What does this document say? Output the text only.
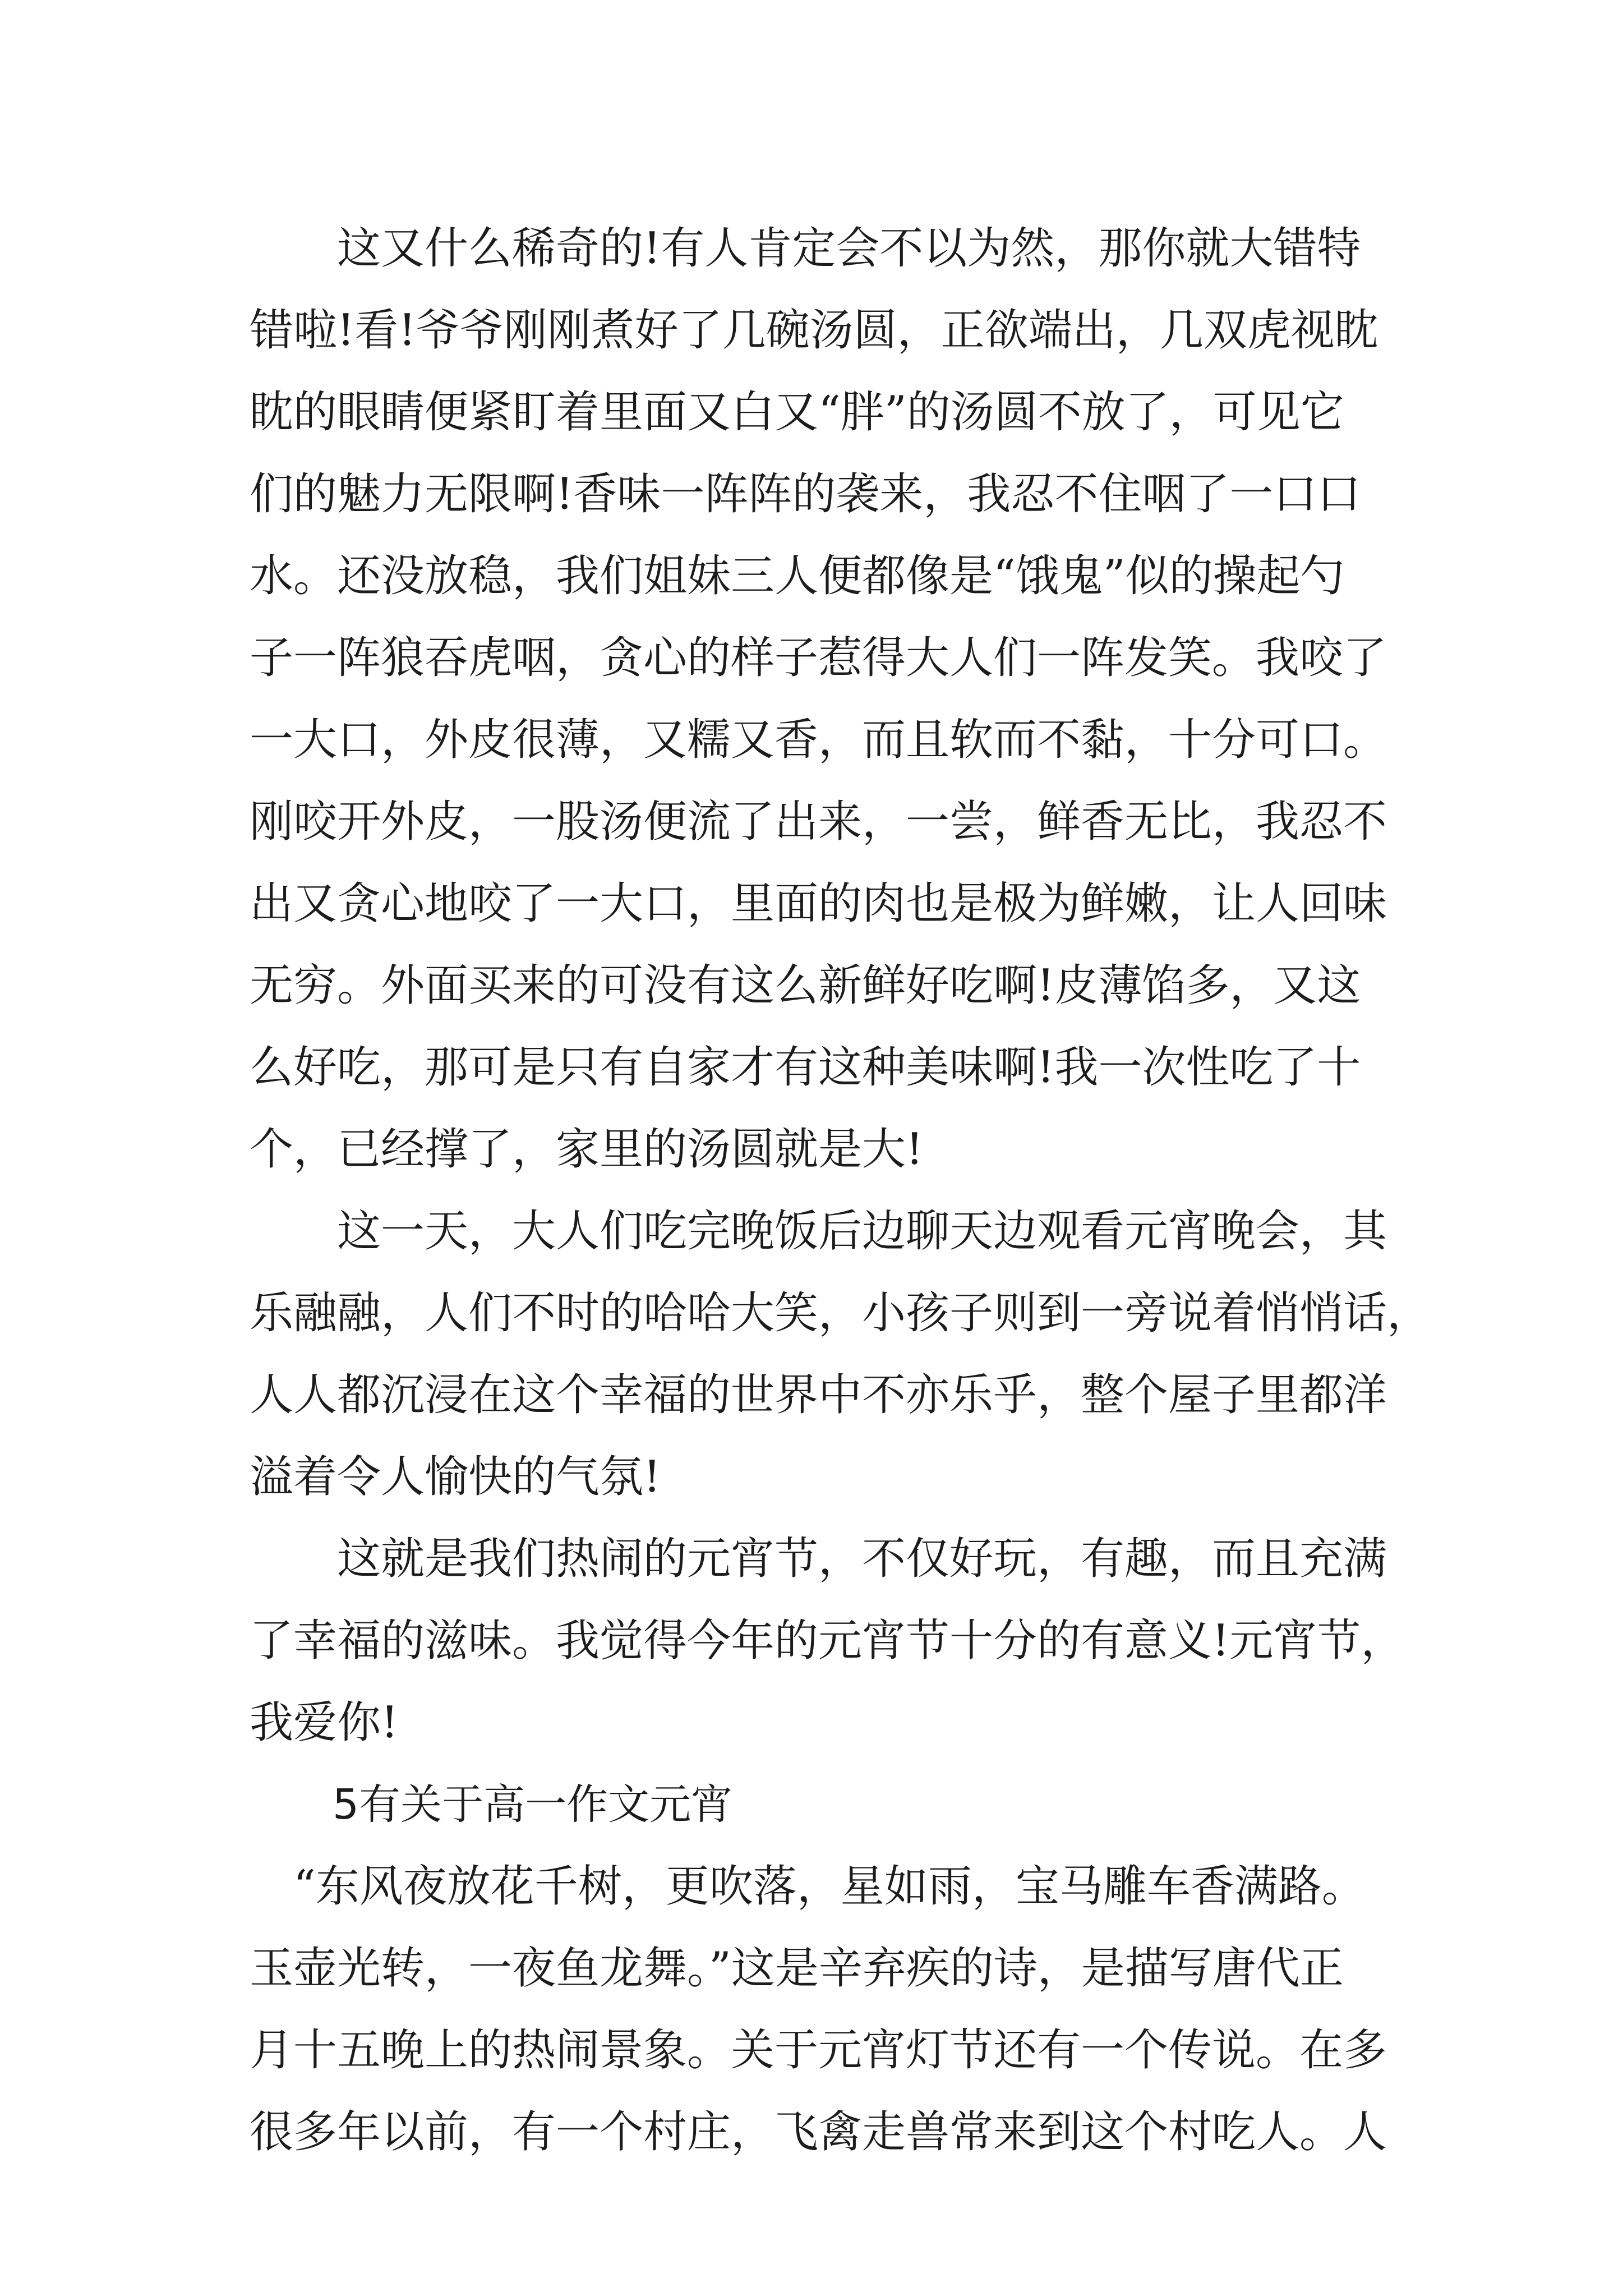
　　这又什么稀奇的!有人肯定会不以为然，那你就大错特
错啦!看!爷爷刚刚煮好了几碗汤圆，正欲端出，几双虎视眈
眈的眼睛便紧盯着里面又白又“胖”的汤圆不放了，可见它
们的魅力无限啊!香味一阵阵的袭来，我忍不住咽了一口口
水。还没放稳，我们姐妹三人便都像是“饿鬼”似的操起勺
子一阵狼吞虎咽，贪心的样子惹得大人们一阵发笑。我咬了
一大口，外皮很薄，又糯又香，而且软而不黏，十分可口。
刚咬开外皮，一股汤便流了出来，一尝，鲜香无比，我忍不
出又贪心地咬了一大口，里面的肉也是极为鲜嫩，让人回味
无穷。外面买来的可没有这么新鲜好吃啊!皮薄馅多，又这
么好吃，那可是只有自家才有这种美味啊!我一次性吃了十
个，已经撑了，家里的汤圆就是大!
　　这一天，大人们吃完晚饭后边聊天边观看元宵晚会，其
乐融融，人们不时的哈哈大笑，小孩子则到一旁说着悄悄话，
人人都沉浸在这个幸福的世界中不亦乐乎，整个屋子里都洋
溢着令人愉快的气氛!
　　这就是我们热闹的元宵节，不仅好玩，有趣，而且充满
了幸福的滋味。我觉得今年的元宵节十分的有意义!元宵节，
我爱你!
　　5有关于高一作文元宵
　“东风夜放花千树，更吹落，星如雨，宝马雕车香满路。
玉壶光转，一夜鱼龙舞。”这是辛弃疾的诗，是描写唐代正
月十五晚上的热闹景象。关于元宵灯节还有一个传说。在多
很多年以前，有一个村庄，飞禽走兽常来到这个村吃人。人
